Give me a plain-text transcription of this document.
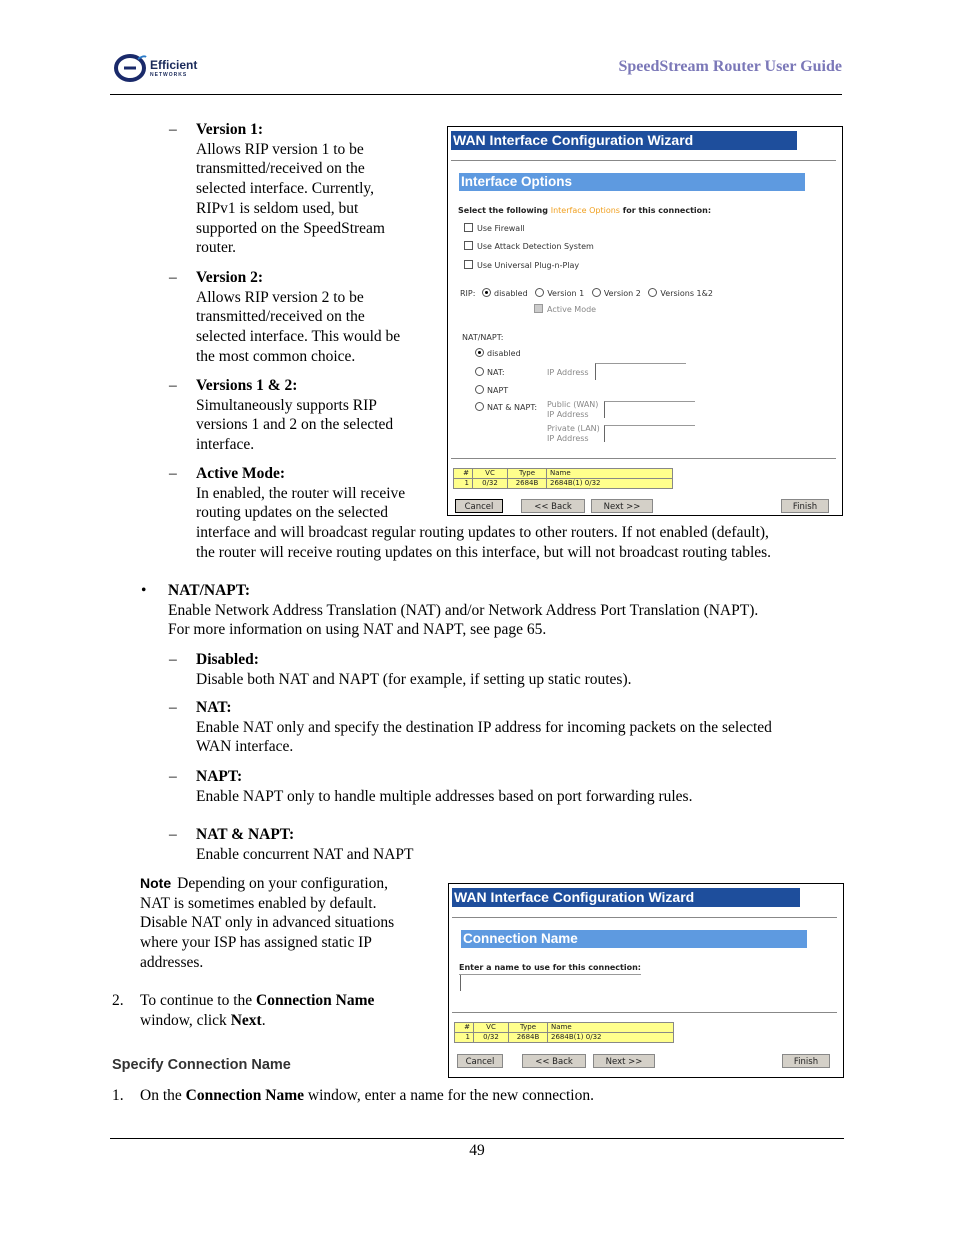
Efficient
NETWORKS	SpeedStream Router User Guide
– Version 1:
Allows RIP version 1 to be
transmitted/received on the
selected interface. Currently,
RIPv1 is seldom used, but
supported on the SpeedStream
router.
– Version 2:
Allows RIP version 2 to be
transmitted/received on the
selected interface. This would be
the most common choice.
– Versions 1 & 2:
Simultaneously supports RIP
versions 1 and 2 on the selected
interface.
– Active Mode:
In enabled, the router will receive
routing updates on the selected
interface and will broadcast regular routing updates to other routers. If not enabled (default),
the router will receive routing updates on this interface, but will not broadcast routing tables.
WAN Interface Configuration Wizard
Interface Options
Select the following Interface Options for this connection:
Use Firewall
Use Attack Detection System
Use Universal Plug-n-Play
RIP: disabled Version 1 Version 2 Versions 1&2
Active Mode
NAT/NAPT:
disabled
NAT:	IP Address
NAPT
NAT & NAPT: Public (WAN)
IP Address
Private (LAN)
IP Address
#	VC	Type	Name
1	0/32	2684B	2684B(1) 0/32
Cancel	<< Back	Next >>	Finish
• NAT/NAPT:
Enable Network Address Translation (NAT) and/or Network Address Port Translation (NAPT).
For more information on using NAT and NAPT, see page 65.
– Disabled:
Disable both NAT and NAPT (for example, if setting up static routes).
– NAT:
Enable NAT only and specify the destination IP address for incoming packets on the selected
WAN interface.
– NAPT:
Enable NAPT only to handle multiple addresses based on port forwarding rules.
– NAT & NAPT:
Enable concurrent NAT and NAPT
Note Depending on your configuration,
NAT is sometimes enabled by default.
Disable NAT only in advanced situations
where your ISP has assigned static IP
addresses.
2. To continue to the Connection Name
window, click Next.
Specify Connection Name
WAN Interface Configuration Wizard
Connection Name
Enter a name to use for this connection:
#	VC	Type	Name
1	0/32	2684B	2684B(1) 0/32
Cancel	<< Back	Next >>	Finish
1. On the Connection Name window, enter a name for the new connection.
49
